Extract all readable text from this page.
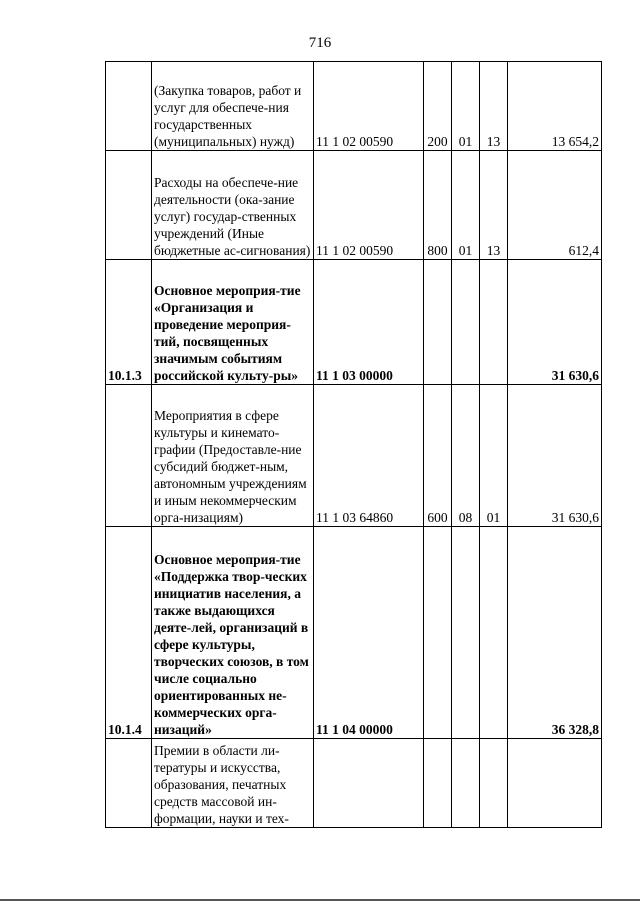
716
	(Закупка товаров, работ и услуг для обеспече-ния государственных (муниципальных) нужд)	11 1 02 00590	200	01	13	13 654,2
	Расходы на обеспече-ние деятельности (ока-зание услуг) государ-ственных учреждений (Иные бюджетные ас-сигнования)	11 1 02 00590	800	01	13	612,4
10.1.3	Основное мероприя-тие «Организация и проведение мероприя-тий, посвященных значимым событиям российской культу-ры»	11 1 03 00000				31 630,6
	Мероприятия в сфере культуры и кинемато-графии (Предоставле-ние субсидий бюджет-ным, автономным учреждениям и иным некоммерческим орга-низациям)	11 1 03 64860	600	08	01	31 630,6
10.1.4	Основное мероприя-тие «Поддержка твор-ческих инициатив населения, а также выдающихся деяте-лей, организаций в сфере культуры, творческих союзов, в том числе социально ориентированных не-коммерческих орга-низаций»	11 1 04 00000				36 328,8
	Премии в области ли-тературы и искусства, образования, печатных средств массовой ин-формации, науки и тех-					
